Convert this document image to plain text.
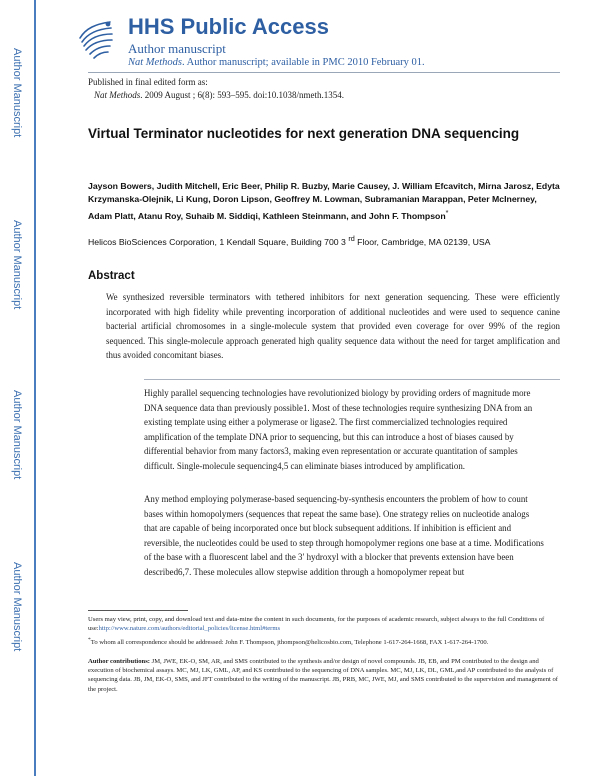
Author Manuscript
Author Manuscript
Author Manuscript
Author Manuscript
HHS Public Access
Author manuscript
Nat Methods. Author manuscript; available in PMC 2010 February 01.
Published in final edited form as:
Nat Methods. 2009 August ; 6(8): 593–595. doi:10.1038/nmeth.1354.
Virtual Terminator nucleotides for next generation DNA sequencing
Jayson Bowers, Judith Mitchell, Eric Beer, Philip R. Buzby, Marie Causey, J. William Efcavitch, Mirna Jarosz, Edyta Krzymanska-Olejnik, Li Kung, Doron Lipson, Geoffrey M. Lowman, Subramanian Marappan, Peter McInerney, Adam Platt, Atanu Roy, Suhaib M. Siddiqi, Kathleen Steinmann, and John F. Thompson*
Helicos BioSciences Corporation, 1 Kendall Square, Building 700 3 $^{rd}$ Floor, Cambridge, MA 02139, USA
Abstract
We synthesized reversible terminators with tethered inhibitors for next generation sequencing. These were efficiently incorporated with high fidelity while preventing incorporation of additional nucleotides and were used to sequence canine bacterial artificial chromosomes in a single-molecule system that provided even coverage for over 99% of the region sequenced. This single-molecule approach generated high quality sequence data without the need for target amplification and thus avoided concomitant biases.
Highly parallel sequencing technologies have revolutionized biology by providing orders of magnitude more DNA sequence data than previously possible1. Most of these technologies require synthesizing DNA from an existing template using either a polymerase or ligase2. The first commercialized technologies required amplification of the template DNA prior to sequencing, but this can introduce a host of biases caused by differential behavior from many factors3, making even representation or accurate quantitation of samples difficult. Single-molecule sequencing4,5 can eliminate biases introduced by amplification.
Any method employing polymerase-based sequencing-by-synthesis encounters the problem of how to count bases within homopolymers (sequences that repeat the same base). One strategy relies on nucleotide analogs that are capable of being incorporated once but block subsequent additions. If inhibition is efficient and reversible, the nucleotides could be used to step through homopolymer regions one base at a time. Modifications of the base with a fluorescent label and the 3′ hydroxyl with a blocker that prevents extension have been described6,7. These molecules allow stepwise addition through a homopolymer repeat but
Users may view, print, copy, and download text and data-mine the content in such documents, for the purposes of academic research, subject always to the full Conditions of use:http://www.nature.com/authors/editorial_policies/license.html#terms
*To whom all correspondence should be addressed: John F. Thompson, jthompson@helicosbio.com, Telephone 1-617-264-1668, FAX 1-617-264-1700.
Author contributions: JM, JWE, EK-O, SM, AR, and SMS contributed to the synthesis and/or design of novel compounds. JB, EB, and PM contributed to the design and execution of biochemical assays. MC, MJ, LK, GML, AP, and KS contributed to the sequencing of DNA samples. MC, MJ, LK, DL, GML,and AP contributed to the analysis of sequencing data. JB, JM, EK-O, SMS, and JFT contributed to the writing of the manuscript. JB, PRB, MC, JWE, MJ, and SMS contributed to the supervision and management of the project.
